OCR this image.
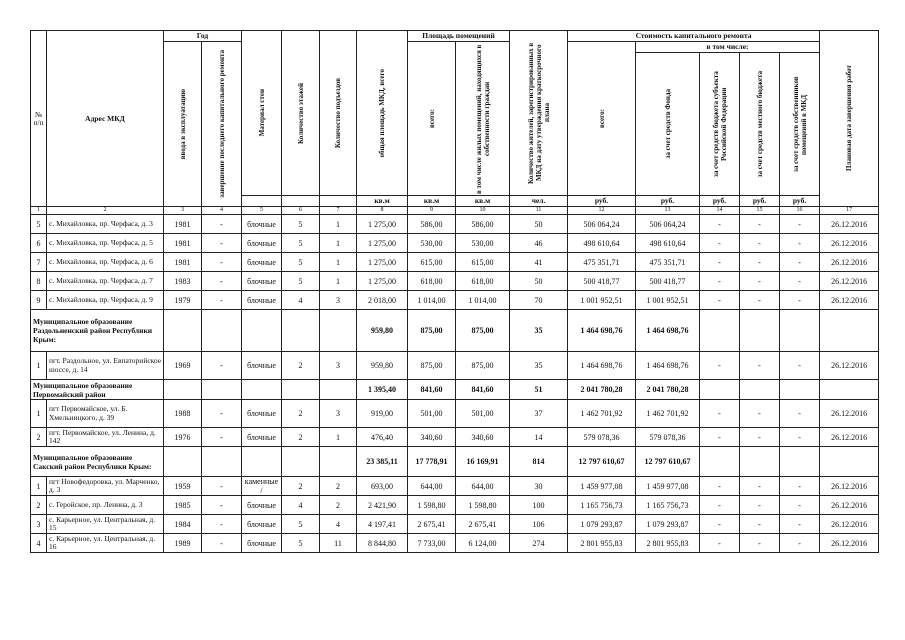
№ п/п	Адрес МКД	Год		Материал стен	Количество этажей	Количество подъездов	общая площадь МКД, всего	Площадь помещений		Количество жителей, зарегистрированных в МКД на дату утверждения краткосрочного плана	Стоимость капитального ремонта					Плановая дата завершения работ

		ввода в эксплуатацию	завершение последнего капитального ремонта					всего:	в том числе жилых помещений, находящихся в собственности граждан		всего:	в том числе:				

												за счет средств Фонда	за счет средств бюджета субъекта Российской Федерации	за счет средств местного бюджета	за счет средств собственников помещений в МКД	

							кв.м	кв.м	кв.м	чел.	руб.	руб.	руб.	руб.	руб.	
1	2	3	4	5	6	7	8	9	10	11	12	13	14	15	16	17
5	с. Михайловка, пр. Черфаса, д. 3	1981	-	блочные	5	1	1 275,00	586,00	586,00	50	506 064,24	506 064,24	-	-	-	26.12.2016
6	с. Михайловка, пр. Черфаса, д. 5	1981	-	блочные	5	1	1 275,00	530,00	530,00	46	498 610,64	498 610,64	-	-	-	26.12.2016
7	с. Михайловка, пр. Черфаса, д. 6	1981	-	блочные	5	1	1 275,00	615,00	615,00	41	475 351,71	475 351,71	-	-	-	26.12.2016
8	с. Михайловка, пр. Черфаса, д. 7	1983	-	блочные	5	1	1 275,00	618,00	618,00	50	500 418,77	500 418,77	-	-	-	26.12.2016
9	с. Михайловка, пр. Черфаса, д. 9	1979	-	блочные	4	3	2 018,00	1 014,00	1 014,00	70	1 001 952,51	1 001 952,51	-	-	-	26.12.2016
Муниципальное образование Раздольненский район Республики Крым:							959,80	875,00	875,00	35	1 464 698,76	1 464 698,76				
1	пгт. Раздольное, ул. Евпаторийское шоссе, д. 14	1969	-	блочные	2	3	959,80	875,00	875,00	35	1 464 698,76	1 464 698,76	-	-	-	26.12.2016
Муниципальное образование Первомайский район							1 395,40	841,60	841,60	51	2 041 780,28	2 041 780,28				
1	пгт Первомайское, ул. Б. Хмельницкого, д. 39	1988	-	блочные	2	3	919,00	501,00	501,00	37	1 462 701,92	1 462 701,92	-	-	-	26.12.2016
2	пгт. Первомайское, ул. Ленина, д. 142	1976	-	блочные	2	1	476,40	340,60	340,60	14	579 078,36	579 078,36	-	-	-	26.12.2016
Муниципальное образование Сакский район Республики Крым:							23 385,11	17 778,91	16 169,91	814	12 797 610,67	12 797 610,67				
1	пгт Новофедоровка, ул. Марченко, д. 3	1959	-	каменные /	2	2	693,00	644,00	644,00	30	1 459 977,08	1 459 977,08	-	-	-	26.12.2016
2	с. Геройское, пр. Ленина, д. 3	1985	-	блочные	4	2	2 421,90	1 598,80	1 598,80	100	1 165 756,73	1 165 756,73	-	-	-	26.12.2016
3	с. Карьерное, ул. Центральная, д. 15	1984	-	блочные	5	4	4 197,41	2 675,41	2 675,41	106	1 079 293,87	1 079 293,87	-	-	-	26.12.2016
4	с. Карьерное, ул. Центральная, д. 16	1989	-	блочные	5	11	8 844,80	7 733,00	6 124,00	274	2 801 955,83	2 801 955,83	-	-	-	26.12.2016
